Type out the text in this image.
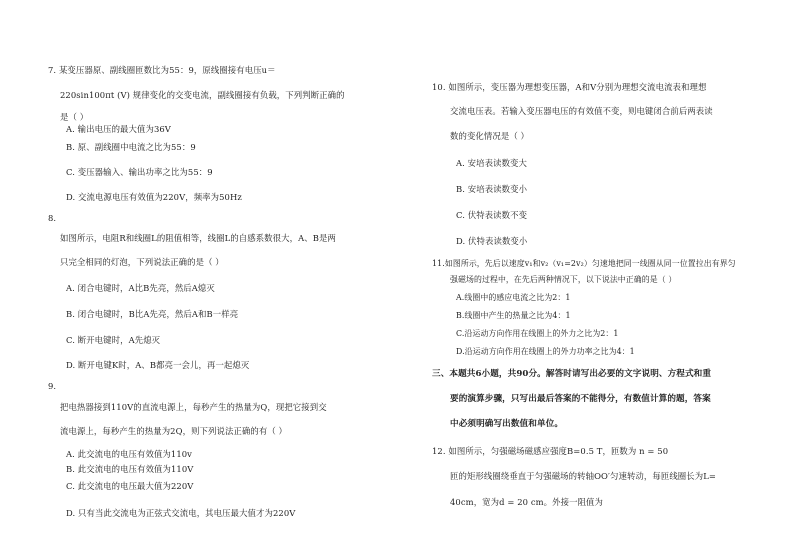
7. 某变压器原、副线圈匝数比为55：9，原线圈接有电压u＝
220sin100πt (V) 规律变化的交变电流，副线圈接有负载，下列判断正确的
是（ ）
A. 输出电压的最大值为36V
B. 原、副线圈中电流之比为55：9
C. 变压器输入、输出功率之比为55：9
D. 交流电源电压有效值为220V，频率为50Hz
8.
如图所示，电阻R和线圈L的阻值相等，线圈L的自感系数很大，A、B是两
只完全相同的灯泡，下列说法正确的是（ ）
A. 闭合电键时，A比B先亮，然后A熄灭
B. 闭合电键时，B比A先亮，然后A和B一样亮
C. 断开电键时，A先熄灭
D. 断开电键K时，A、B都亮一会儿，再一起熄灭
9.
把电热器接到110V的直流电源上，每秒产生的热量为Q，现把它接到交
流电源上，每秒产生的热量为2Q，则下列说法正确的有（ ）
A. 此交流电的电压有效值为110v
B. 此交流电的电压有效值为110V
C. 此交流电的电压最大值为220V
D. 只有当此交流电为正弦式交流电，其电压最大值才为220V
10. 如图所示，变压器为理想变压器，A和V分别为理想交流电流表和理想
交流电压表。若输入变压器电压的有效值不变，则电键闭合前后两表读
数的变化情况是（ ）
A. 安培表读数变大
B. 安培表读数变小
C. 伏特表读数不变
D. 伏特表读数变小
11.如图所示，先后以速度v₁和v₂（v₁=2v₂）匀速地把同一线圈从同一位置拉出有界匀
强磁场的过程中，在先后两种情况下，以下说法中正确的是（ ）
A.线圈中的感应电流之比为2：1
B.线圈中产生的热量之比为4：1
C.沿运动方向作用在线圈上的外力之比为2：1
D.沿运动方向作用在线圈上的外力功率之比为4：1
三、本题共6小题，共90分。解答时请写出必要的文字说明、方程式和重
要的演算步骤，只写出最后答案的不能得分，有数值计算的题，答案
中必须明确写出数值和单位。
12. 如图所示，匀强磁场磁感应强度B=0.5 T，匝数为 n = 50
匝的矩形线圈绕垂直于匀强磁场的转轴OO′匀速转动，每匝线圈长为L=
40cm，宽为d = 20 cm。外接一阻值为
